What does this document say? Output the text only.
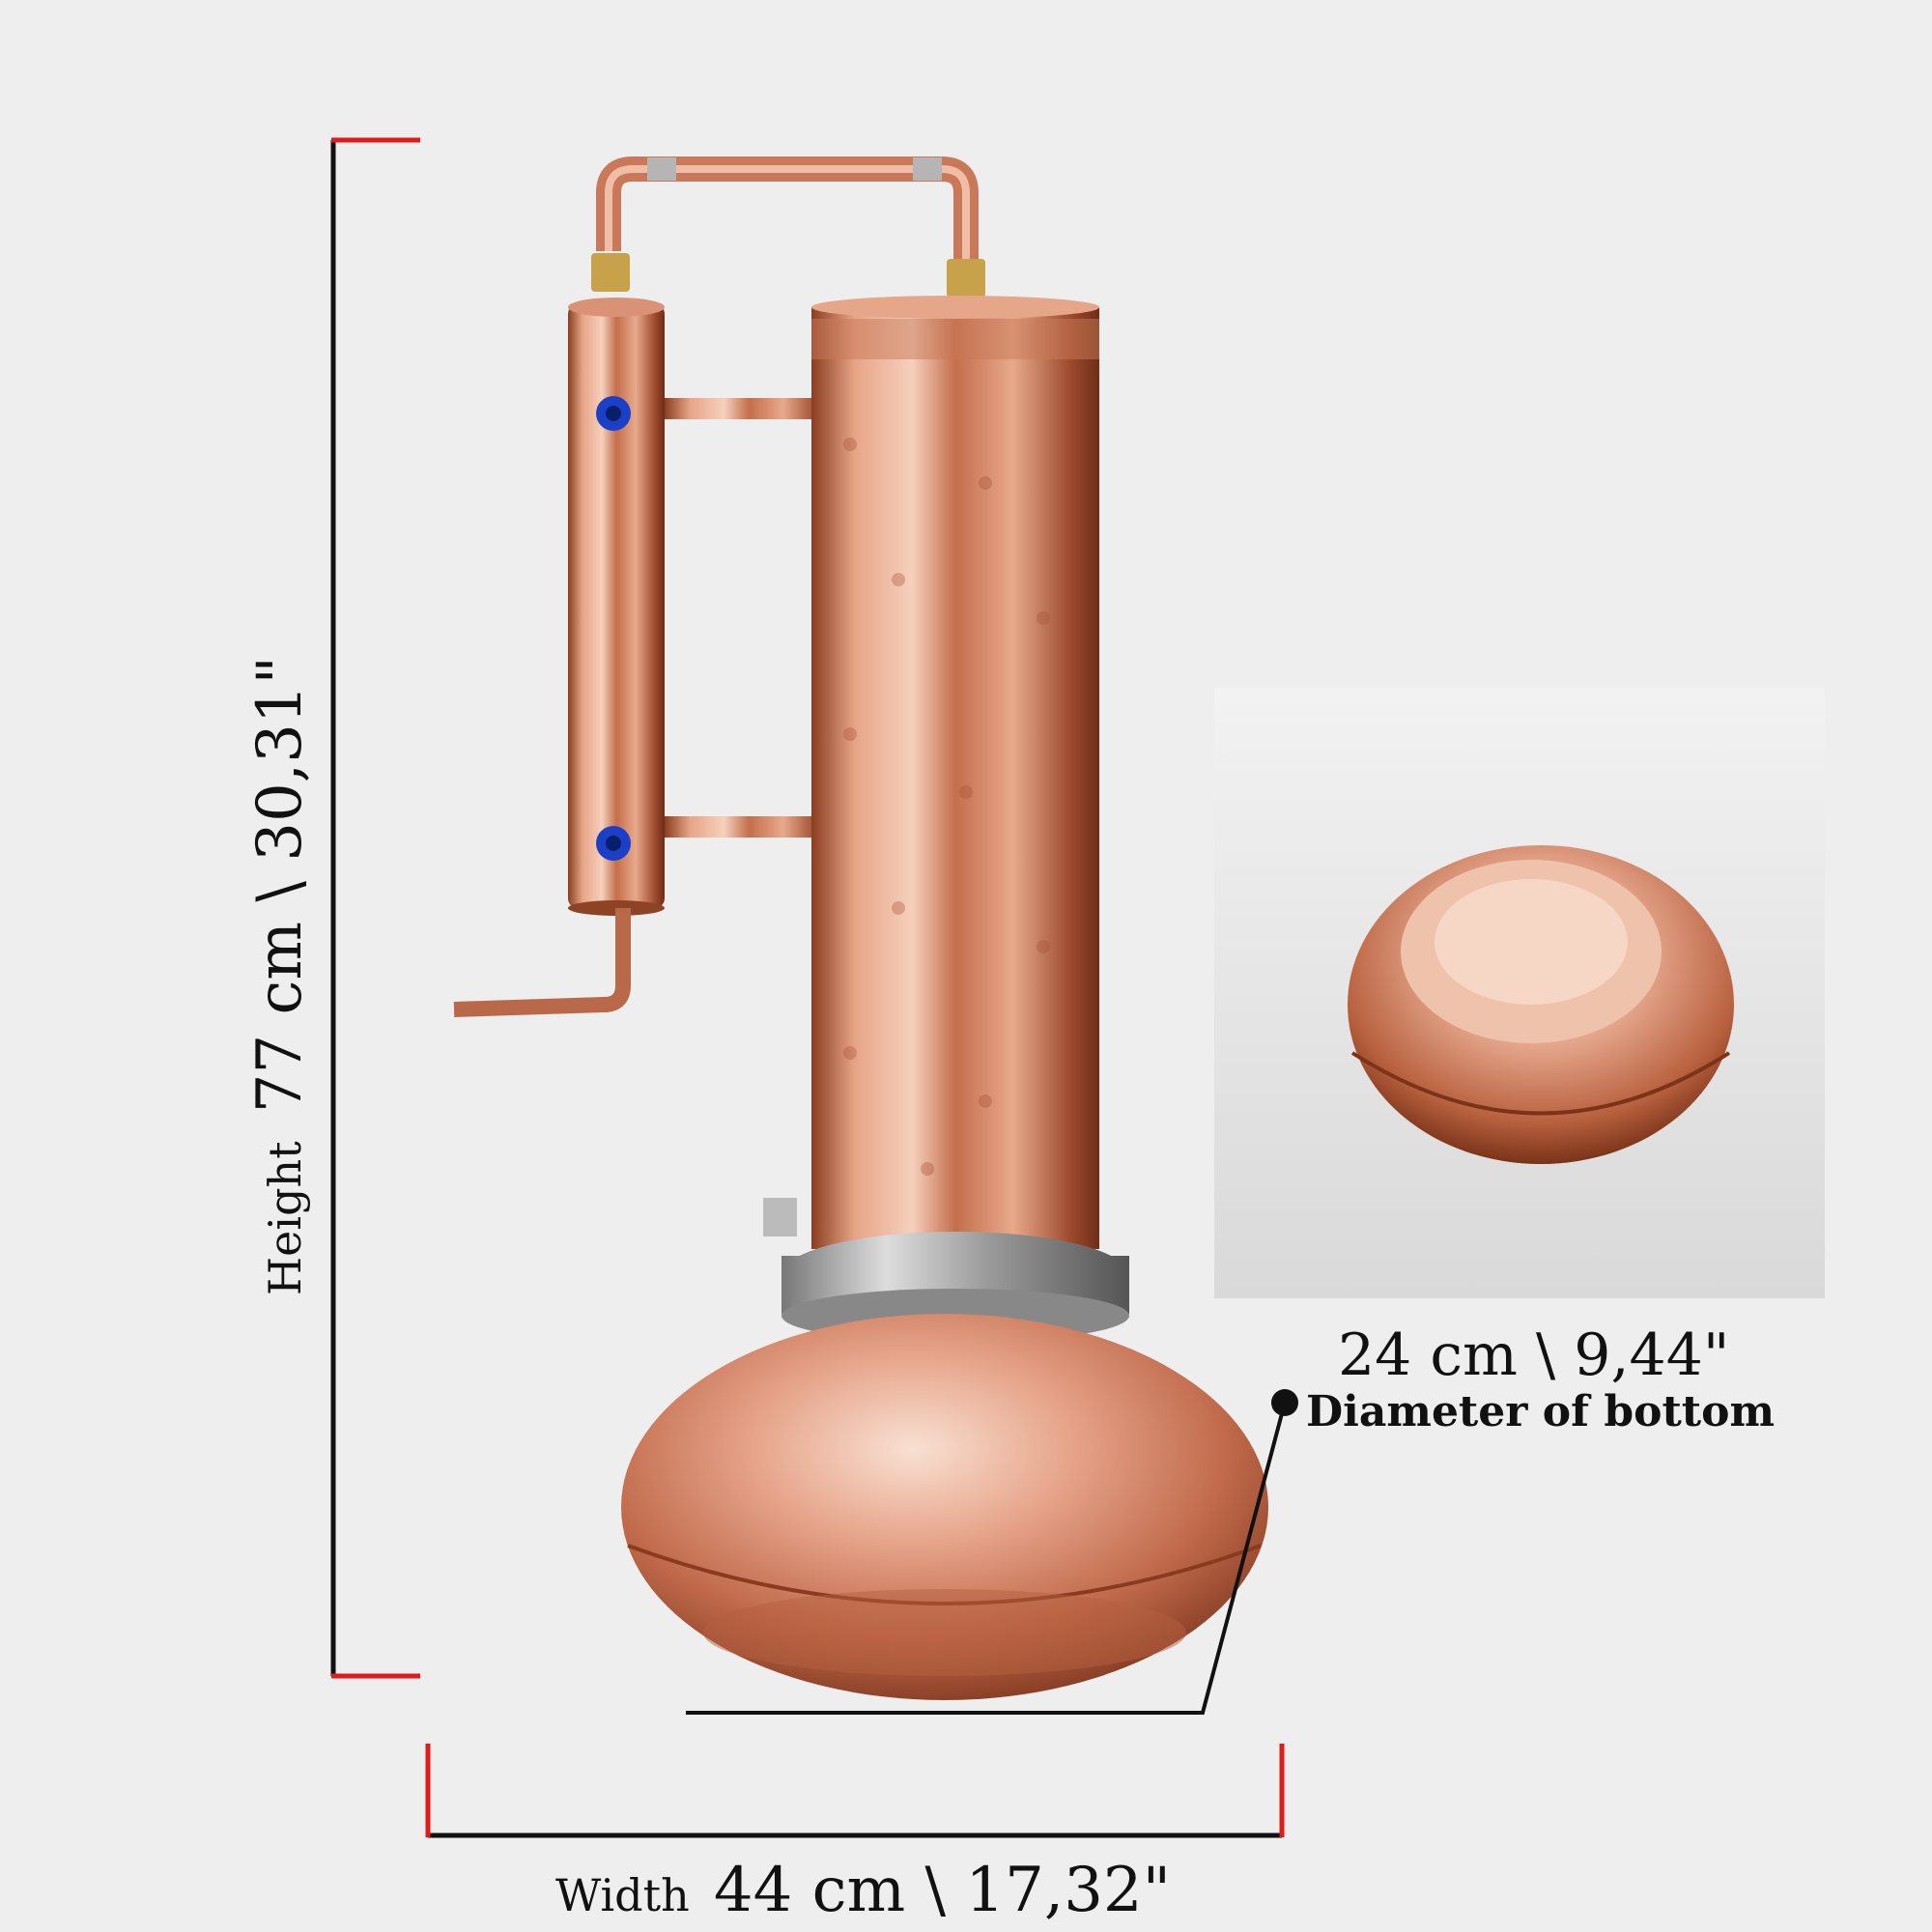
Height 77 cm \ 30,31"
Width 44 cm \ 17,32"
24 cm \ 9,44"
Diameter of bottom
